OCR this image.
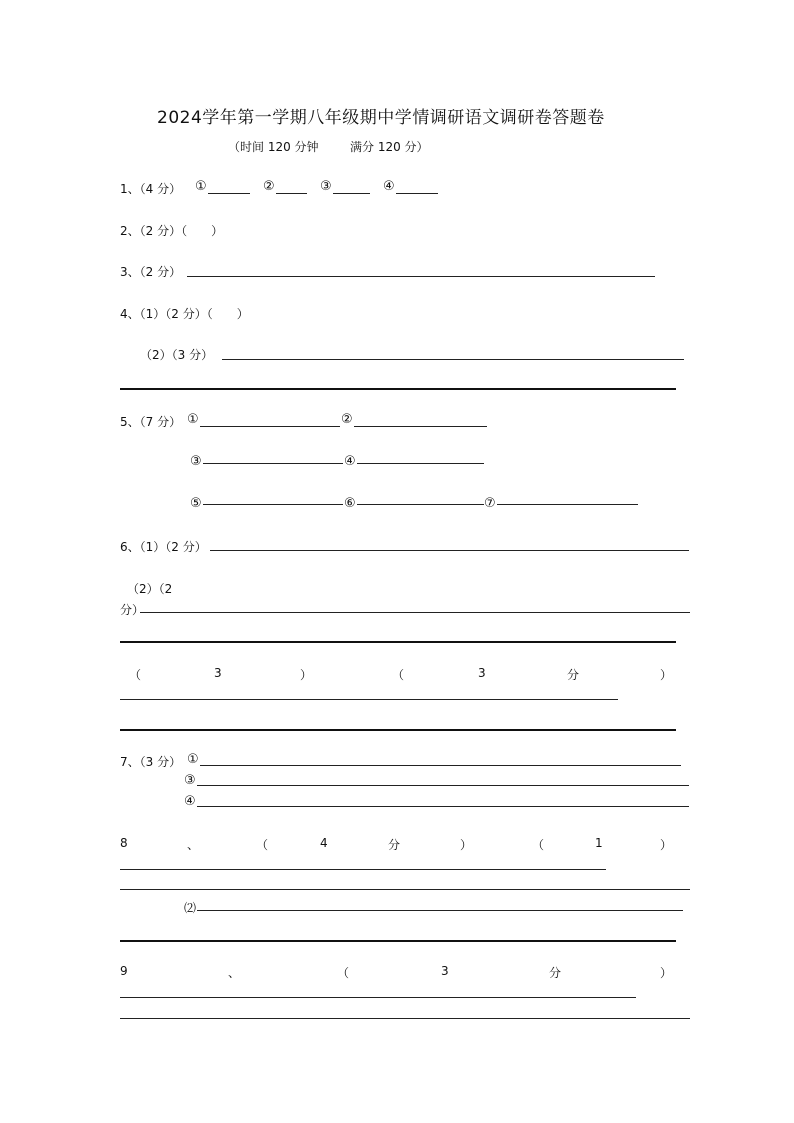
2024学年第一学期八年级期中学情调研语文调研卷答题卷
（时间 120 分钟	满分 120 分）
1、（4 分） ①	②	③	④
2、（2 分）（　　）
3、（2 分）
4、（1）（2 分）（　　）
（2）（3 分）
5、（7 分） ①	②
③	④
⑤	⑥	⑦
6、（1）（2 分）
（2）（2
分）
（	3	）	（	3	分	）
7、（3 分） ①
③
④
8	、	（	4	分	）	（	1	）
⑵
9	、	（	3	分	）
